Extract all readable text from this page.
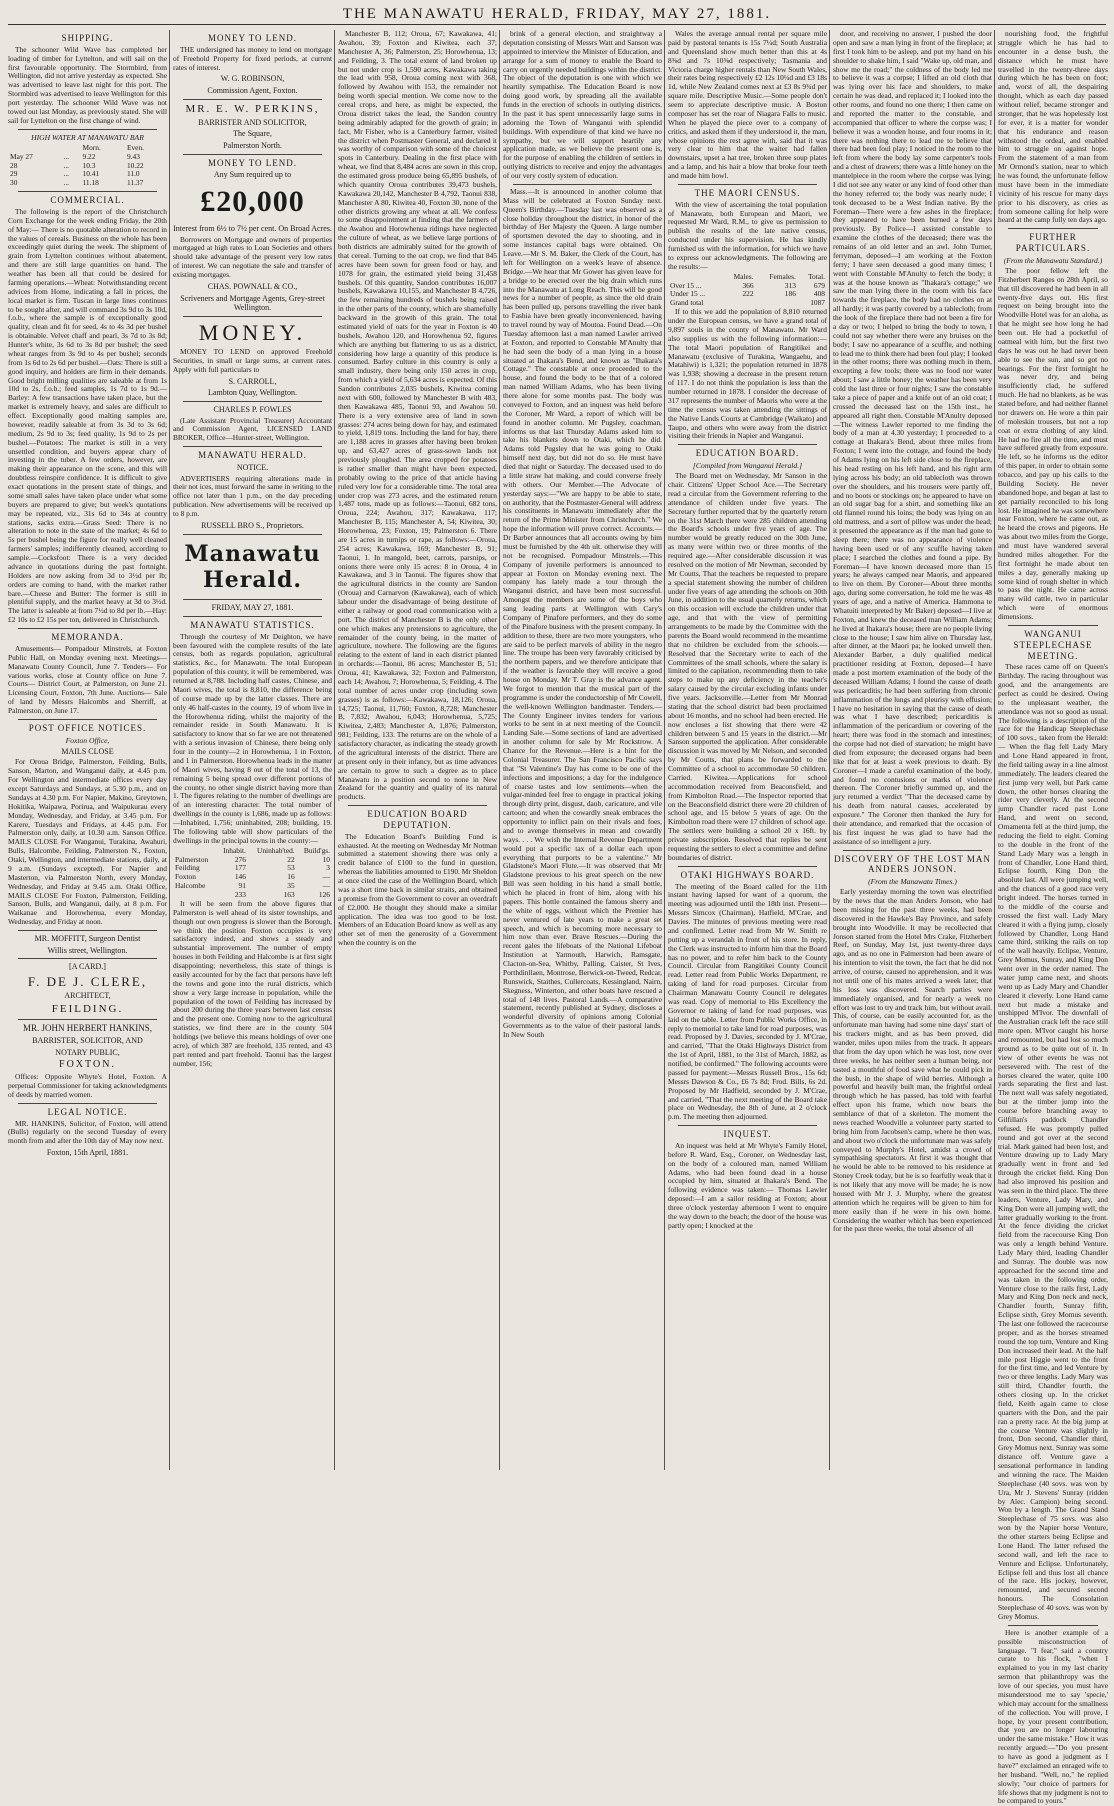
THE MANAWATU HERALD, FRIDAY, MAY 27, 1881.
SHIPPING.

The schooner Wild Wave has completed her loading of timber for Lyttelton, and will sail on the first favourable opportunity. The Stormbird, from Wellington, did not arrive yesterday as expected. She was advertised to leave last night for this port. The Stormbird was advertised to leave Wellington for this port yesterday. The schooner Wild Wave was not towed out last Monday, as previously stated. She will sail for Lyttelton on the first change of wind.

HIGH WATER AT MANAWATU BAR
		Morn.	Even.
May 27	...	9.22	9.43
28	...	10.3	10.22
29	...	10.41	11.0
30	...	11.18	11.37
COMMERCIAL.

The following is the report of the Christchurch Corn Exchange for the week ending Friday, the 20th of May:— There is no quotable alteration to record in the values of cereals. Business on the whole has been exceedingly quiet during the week. The shipment of grain from Lyttelton continues without abatement, and there are still large quantities on hand. The weather has been all that could be desired for farming operations.—Wheat: Notwithstanding recent advices from Home, indicating a fall in prices, the local market is firm. Tuscan in large lines continues to be sought after, and will command 3s 9d to 3s 10d, f.o.b., where the sample is of exceptionally good quality, clean and fit for seed, 4s to 4s 3d per bushel is obtainable. Velvet chaff and pearl, 3s 7d to 3s 8d; Hunter's white, 3s 6d to 3s 8d per bushel; the seed wheat ranges from 3s 9d to 4s per bushel; seconds from 1s 6d to 2s 6d per bushel.—Oats: There is still a good inquiry, and holders are firm in their demands. Good bright milling qualities are saleable at from 1s 10d to 2s, f.o.b.; feed samples, 1s 7d to 1s 9d.—Barley: A few transactions have taken place, but the market is extremely heavy, and sales are difficult to effect. Exceptionally good malting samples are, however, readily saleable at from 3s 3d to 3s 6d; medium, 2s 9d to 3s; feed quality, 1s 9d to 2s per bushel.—Potatoes: The market is still in a very unsettled condition, and buyers appear chary of investing in the tuber. A few orders, however, are making their appearance on the scene, and this will doubtless reinspire confidence. It is difficult to give exact quotations in the present state of things, and some small sales have taken place under what some buyers are prepared to give; but week's quotations may be repeated, viz., 31s 6d to 34s at country stations, sacks extra.—Grass Seed: There is no alteration to note in the state of the market; 4s 6d to 5s per bushel being the figure for really well cleaned farmers' samples; indifferently cleaned, according to sample.—Cocksfoot: There is a very decided advance in quotations during the past fortnight. Holders are now asking from 3d to 3½d per lb; orders are coming to hand, with the market rather bare.—Cheese and Butter: The former is still in plentiful supply, and the market heavy at 3d to 3½d. The latter is saleable at from 7½d to 8d per lb.—Hay: £2 10s to £2 15s per ton, delivered in Christchurch.

MEMORANDA.

Amusements— Pompadour Minstrels, at Foxton Public Hall, on Monday evening next. Meetings— Manawatu County Council, June 7. Tenders— For various works, close at County office on June 7. Courts— District Court, at Palmerston, on June 21. Licensing Court, Foxton, 7th June. Auctions— Sale of land by Messrs Halcombs and Sherriff, at Palmerston, on June 17.

POST OFFICE NOTICES.
Foxton Office,
MAILS CLOSE

For Oroua Bridge, Palmerston, Feilding, Bulls, Sanson, Marton, and Wanganui daily, at 4.45 p.m. For Wellington and intermediate offices every day except Saturdays and Sundays, at 5.30 p.m., and on Sundays at 4.30 p.m. For Napier, Makino, Greytown, Hokitika, Waipawa, Porirua, and Waipukurau every Monday, Wednesday, and Friday, at 3.45 p.m. For Karere, Tuesdays and Fridays, at 4.45 p.m. For Palmerston only, daily, at 10.30 a.m. Sanson Office. MAILS CLOSE For Wanganui, Turakina, Awahuri, Bulls, Halcombe, Feilding, Palmerston N., Foxton, Otaki, Wellington, and intermediate stations, daily, at 9 a.m. (Sundays excepted). For Napier and Masterton, via Palmerston North, every Monday, Wednesday, and Friday at 9.45 a.m. Otaki Office, MAILS CLOSE For Foxton, Palmerston, Feilding, Sanson, Bulls, and Wanganui, daily, at 8 p.m. For Waikanae and Horowhenua, every Monday, Wednesday, and Friday at noon.

MR. MOFFITT, Surgeon Dentist
Willis street, Wellington.
[A CARD.]
F. DE J. CLERE,
ARCHITECT,
FEILDING.
MR. JOHN HERBERT HANKINS,
BARRISTER, SOLICITOR, AND
NOTARY PUBLIC,
FOXTON.

Offices: Opposite Whyte's Hotel, Foxton. A perpetual Commissioner for taking acknowledgments of deeds by married women.

LEGAL NOTICE.

MR. HANKINS, Solicitor, of Foxton, will attend (Bulls) regularly on the second Tuesday of every month from and after the 10th day of May now next.

Foxton, 15th April, 1881.
MONEY TO LEND.

THE undersigned has money to lend on mortgage of Freehold Property for fixed periods, at current rates of interest.

W. G. ROBINSON,
Commission Agent, Foxton.
MR. E. W. PERKINS,
BARRISTER AND SOLICITOR,
The Square,
Palmerston North.
MONEY TO LEND.
Any Sum required up to
£20,000
Interest from 6½ to 7½ per cent. On Broad Acres.

Borrowers on Mortgage and owners of properties mortgaged at high rates to Loan Societies and others should take advantage of the present very low rates of interest. We can negotiate the sale and transfer of existing mortgages.

CHAS. POWNALL & CO.,
Scriveners and Mortgage Agents, Grey-street Wellington.
MONEY.

MONEY TO LEND on approved Freehold Securities, in small or large sums, at current rates. Apply with full particulars to

S. CARROLL,
Lambton Quay, Wellington.
CHARLES P. FOWLES

(Late Assistant Provincial Treasurer) Accountant and Commission Agent, LICENSED LAND BROKER, Office—Hunter-street, Wellington.

MANAWATU HERALD.
NOTICE.

ADVERTISERS requiring alterations made in their not ices, must forward the same in writing to the office not later than 1 p.m., on the day preceding publication. New advertisements will be received up to 8 p.m.

RUSSELL BRO S., Proprietors.
Manawatu Herald.
FRIDAY, MAY 27, 1881.
MANAWATU STATISTICS.

Through the courtesy of Mr Deighton, we have been favoured with the complete results of the late census, both as regards population, agricultural statistics, &c., for Manawatu. The total European population of this county, it will be remembered, was returned at 8,788. Including half castes, Chinese, and Maori wives, the total is 8,810, the difference being of course made up by the latter classes. There are only 46 half-castes in the county, 19 of whom live in the Horowhenua riding, whilst the majority of the remainder reside in South Manawatu. It is satisfactory to know that so far we are not threatened with a serious invasion of Chinese, there being only four in the county—2 in Horowhenua, 1 in Foxton, and 1 in Palmerston. Horowhenua leads in the matter of Maori wives, having 8 out of the total of 13, the remaining 5 being spread over different portions of the county, no other single district having more than 1. The figures relating to the number of dwellings are of an interesting character. The total number of dwellings in the county is 1,686, made up as follows:—Inhabited, 1,756; uninhabited, 208; building, 19. The following table will show particulars of the dwellings in the principal towns in the county:—

	Inhabit.	Uninhab'ted.	Build'gs.
Palmerston	276	22	10
Feilding	177	53	3
Foxton	146	16	—
Halcombe	91	35	—
	233	163	126

It will be seen from the above figures that Palmerston is well ahead of its sister townships, and though our own progress is slower than the Borough, we think the position Foxton occupies is very satisfactory indeed, and shows a steady and substantial improvement. The number of empty houses in both Feilding and Halcombe is at first sight disappointing; nevertheless, this state of things is easily accounted for by the fact that persons have left the towns and gone into the rural districts, which show a very large increase in population, while the population of the town of Feilding has increased by about 200 during the three years between last census and the present one. Coming now to the agricultural statistics, we find there are in the county 504 holdings (we believe this means holdings of over one acre), of which 387 are freehold, 135 rented, and 43 part rented and part freehold. Taonui has the largest number, 156;

Manchester B, 112; Oroua, 67; Kawakawa, 41; Awahou, 39; Foxton and Kiwitea, each 37; Manchester A, 36; Palmerston, 25; Horowhenua, 13; and Feilding, 3. The total extent of land broken up but not under crop is 1,590 acres, Kawakawa taking the lead with 958, Oroua coming next with 368, followed by Awahou with 153, the remainder not being worth special mention. We come now to the cereal crops, and here, as might be expected, the Oroua district takes the lead, the Sandon country being admirably adapted for the growth of grain; in fact, Mr Fisher, who is a Canterbury farmer, visited the district when Postmaster General, and declared it was worthy of comparison with some of the choicest spots in Canterbury. Dealing in the first place with wheat, we find that 8,484 acres are sown in this crop, the estimated gross produce being 65,895 bushels, of which quantity Oroua contributes 39,473 bushels, Kawakawa 20,142, Manchester B 4,792, Taonui 838, Manchester A 80, Kiwitea 40, Foxton 30, none of the other districts growing any wheat at all. We confess to some disappointment at finding that the farmers of the Awahou and Horowhenua ridings have neglected the culture of wheat, as we believe large portions of both districts are admirably suited for the growth of that cereal. Turning to the oat crop, we find that 845 acres have been sown for green food or hay, and 1078 for grain, the estimated yield being 31,458 bushels. Of this quantity, Sandon contributes 16,007 bushels, Kawakawa 10,155, and Manchester B 4,726, the few remaining hundreds of bushels being raised in the other parts of the county, which are shamefully backward in the growth of this grain. The total estimated yield of oats for the year in Foxton is 40 bushels, Awahou 120, and Horowhenua 92, figures which are anything but flattering to us as a district, considering how large a quantity of this produce is consumed. Barley culture in this country is only a small industry, there being only 150 acres in crop, from which a yield of 5,634 acres is expected. Of this Sandon contributes 2,035 bushels, Kiwitea coming next with 600, followed by Manchester B with 483, then Kawakawa 485, Taonui 93, and Awahou 50. There is a very extensive area of land in sown grasses: 274 acres being down for hay, and estimated to yield, 1,819 tons. Including the land for hay, there are 1,188 acres in grasses after having been broken up, and 63,427 acres of grass-sown lands not previously ploughed. The area cropped for potatoes is rather smaller than might have been expected, probably owing to the price of that article having ruled very low for a considerable time. The total area under crop was 273 acres, and the estimated return 1,487 tons, made up as follows:—Taonui, 682 tons, Oroua, 224; Awahou, 317; Kawakawa, 117; Manchester B, 115; Manchester A, 54; Kiwitea, 30; Horowhenua, 23; Foxton, 19; Palmerston 6. There are 15 acres in turnips or rape, as follows:—Oroua, 254 acres; Kawakawa, 169; Manchester B, 91; Taonui, 1. In mangold, beet, carrots, parsnips, or onions there were only 15 acres: 8 in Oroua, 4 in Kawakawa, and 3 in Taonui. The figures show that the agricultural districts in the county are Sandon (Oroua) and Carnarvon (Kawakawa), each of which labour under the disadvantage of being destitute of either a railway or good road communication with a port. The district of Manchester B is the only other one which makes any pretensions to agriculture, the remainder of the county being, in the matter of agriculture, nowhere. The following are the figures relating to the extent of land in each district planted in orchards:—Taonui, 86 acres; Manchester B, 51; Oroua, 41; Kawakawa, 32; Foxton and Palmerston, each 14; Awahou, 7; Horowhenua, 5; Feilding, 4. The total number of acres under crop (including sown grasses) is as follows:—Kawakawa, 18,126; Oroua, 14,725; Taonui, 11,760; Foxton, 8,728; Manchester B, 7,832; Awahou, 6,043; Horowhenua, 5,725; Kiwitea, 2,483; Manchester A, 1,876; Palmerston, 981; Feilding, 133. The returns are on the whole of a satisfactory character, as indicating the steady growth of the agricultural interests of the district. There are at present only in their infancy, but as time advances are certain to grow to such a degree as to place Manawatu in a position second to none in New Zealand for the quantity and quality of its natural products.

EDUCATION BOARD DEPUTATION.

The Education Board's Building Fund is exhausted. At the meeting on Wednesday Mr Notman submitted a statement showing there was only a credit balance of £100 to the fund in question, whereas the liabilities amounted to £190. Mr Sheldon at once cited the case of the Wellington Board, which was a short time back in similar straits, and obtained a promise from the Government to cover an overdraft of £2,000. He thought they should make a similar application. The idea was too good to be lost. Members of an Education Board know as well as any other set of men the generosity of a Government when the country is on the

brink of a general election, and straightway a deputation consisting of Messrs Watt and Sanson was appointed to interview the Minister of Education, and arrange for a sum of money to enable the Board to carry on urgently needed buildings within the district. The object of the deputation is one with which we heartily sympathise. The Education Board is now doing good work, by spreading all the available funds in the erection of schools in outlying districts. In the past it has spent unnecessarily large sums in adorning the Town of Wanganui with splendid buildings. With expenditure of that kind we have no sympathy, but we will support heartily any application made, as we believe the present one is, for the purpose of enabling the children of settlers in outlying districts to receive and enjoy the advantages of our very costly system of education.

Mass.—It is announced in another column that Mass will be celebrated at Foxton Sunday next. Queen's Birthday.—Tuesday last was observed as a close holiday throughout the district, in honor of the birthday of Her Majesty the Queen. A large number of sportsmen devoted the day to shooting, and in some instances capital bags were obtained. On Leave.—Mr S. M. Baker, the Clerk of the Court, has left for Wellington on a week's leave of absence. Bridge.—We hear that Mr Gower has given leave for a bridge to be erected over the big drain which runs into the Manawatu at Long Reach. This will be good news for a number of people, as since the old drain has been pulled up, persons travelling the river bank to Fashia have been greatly inconvenienced, having to travel round by way of Moutoa. Found Dead.—On Tuesday afternoon last a man named Lawler arrived at Foxton, and reported to Constable M'Anulty that he had seen the body of a man lying in a house situated at Ihakara's Bend, and known as "Ihakara's Cottage." The constable at once proceeded to the house, and found the body to be that of a colored man named William Adams, who has been living there alone for some months past. The body was conveyed to Foxton, and an inquest was held before the Coroner, Mr Ward, a report of which will be found in another column. Mr Pugsley, coachman, informs us that last Thursday Adams asked him to take his blankets down to Otaki, which he did. Adams told Pugsley that he was going to Otaki himself next day, but did not do so. He must have died that night or Saturday. The deceased used to do a little straw hat making, and could converse freely with others. Our Member.—The Advocate of yesterday says:—"We are happy to be able to state, on authority, that the Postmaster-General will address his constituents in Manawatu immediately after the return of the Prime Minister from Christchurch." We hope the information will prove correct. Accounts.—Dr Barber announces that all accounts owing by him must be furnished by the 4th ult. otherwise they will not be recognised. Pompadour Minstrels.—This Company of juvenile performers is announced to appear at Foxton on Monday evening next. The company has lately made a tour through the Wanganui district, and have been most successful. Amongst the members are some of the boys who sang leading parts at Wellington with Cary's Company of Pinafore performers, and they do some of the Pinafore business with the present company. In addition to these, there are two more youngsters, who are said to be perfect marvels of ability in the negro line. The troupe has been very favorably criticised by the northern papers, and we therefore anticipate that if the weather is favorable they will receive a good house on Monday. Mr T. Gray is the advance agent. We forgot to mention that the musical part of the programme is under the conductorship of Mr Cowell, the well-known Wellington bandmaster. Tenders.—The County Engineer invites tenders for various works to be sent in at next meeting of the Council. Landing Sale.—Some sections of land are advertised in another column for sale by Mr Rockstrow. A Chance for the Revenue.—Here is a hint for the Colonial Treasurer. The San Francisco Pacific says that "St Valentine's Day has come to be one of the infections and impositions; a day for the indulgence of coarse tastes and low sentiments—when the vulgar-minded feel free to engage in practical joking through dirty print, disgust, daub, caricature, and vile cartoon; and when the cowardly sneak embraces the opportunity to inflict pain on their rivals and foes, and to avenge themselves in mean and cowardly ways. . . . We wish the Internal Revenue Department would put a specific tax of a dollar each upon everything that purports to be a valentine." Mr Gladstone's Maori Flute.—It was observed that Mr Gladstone previous to his great speech on the new Bill was seen holding in his hand a small bottle, which he placed in front of him, along with his papers. This bottle contained the famous sherry and the white of eggs, without which the Premier has never ventured of late years to make a great set speech, and which is becoming more necessary to him now than ever. Brave Rescues.—During the recent gales the lifeboats of the National Lifeboat Institution at Yarmouth, Harwich, Ramsgate, Clacton-on-Sea, Whitby, Palling, Caister, St Ives, Porthdinllaen, Montrose, Berwick-on-Tweed, Redcar, Runswick, Staithes, Cullercoats, Kessingland, Nairn, Skegness, Winterton, and other boats have rescued a total of 148 lives. Pastoral Lands.—A comparative statement, recently published at Sydney, discloses a wonderful diversity of opinions among Colonial Governments as to the value of their pastoral lands. In New South

Wales the average annual rental per square mile paid by pastoral tenants is 15s 7¼d; South Australia and Queensland show much better than this at 4s 8⅜d and 7s 10⅝d respectively; Tasmania and Victoria charge higher rentals than New South Wales, their rates being respectively £2 12s 10¼d and £3 18s 1d, while New Zealand comes next at £3 8s 9¾d per square mile. Descriptive Music.—Some people don't seem to appreciate descriptive music. A Boston composer has set the roar of Niagara Falls to music. When he played the piece over to a company of critics, and asked them if they understood it, the man, whose opinions the rest agree with, said that it was very clear to him that the waiter had fallen downstairs, upset a hat tree, broken three soup plates and a lamp, and his hair a blow that broke four teeth and made him howl.

THE MAORI CENSUS.

With the view of ascertaining the total population of Manawatu, both European and Maori, we requested Mr Ward, R.M., to give us permission to publish the results of the late native census, conducted under his supervision. He has kindly furnished us with the information, for which we have to express our acknowledgments. The following are the results:—

	Males.	Females.	Total.
Over 15 ...	366	313	679
Under 15 ...	222	186	408
Grand total			1087

If to this we add the population of 8,810 returned under the European census, we have a grand total of 9,897 souls in the county of Manawatu. Mr Ward also supplies us with the following information:— The total Maori population of Rangitikei and Manawatu (exclusive of Turakina, Wangaehu, and Matahiwi) is 1,321; the population returned in 1878 was 1,938; showing a decrease in the present return of 117. I do not think the population is less than the number returned in 1878. I consider the decrease of 317 represents the number of Maoris who were at the time the census was taken attending the sittings of the Native Lands Courts at Cambridge (Waikato) and Taupo, and others who were away from the district visiting their friends in Napier and Wanganui.

EDUCATION BOARD.
[Compiled from Wanganui Herald.]

The Board met on Wednesday, Mr Sanson in the chair. Citizens' Upper School Ace.—The Secretary read a circular from the Government referring to the attendance of children under five years. The Secretary further reported that by the quarterly return on the 31st March there were 285 children attending the Board's schools under five years of age. The number would be greatly reduced on the 30th June, as many were within two or three months of the required age.—After considerable discussion it was resolved on the motion of Mr Newman, seconded by Mr Coutts, That the teachers be requested to prepare a special statement showing the number of children under five years of age attending the schools on 30th June, in addition to the usual quarterly returns, which on this occasion will exclude the children under that age, and that with the view of permitting arrangements to be made by the Committee with the parents the Board would recommend in the meantime that no children be excluded from the schools.—Resolved that the Secretary write to each of the Committees of the small schools, where the salary is limited to the capitation, recommending them to take steps to make up any deficiency in the teacher's salary caused by the circular excluding infants under five years. Jacksonville.—Letter from Mr Monrad stating that the school district had been proclaimed about 16 months, and no school had been erected. He now encloses a list showing that there were 42 children between 5 and 15 years in the district.—Mr Sanson supported the application. After considerable discussion it was moved by Mr Nelson, and seconded by Mr Coutts, that plans be forwarded to the Committee of a school to accommodate 50 children. Carried. Kiwitea.—Applications for school accommodation received from Beaconsfield, and from Kimbolton Road.—The Inspector reported that on the Beaconsfield district there were 20 children of school age, and 15 below 5 years of age. On the Kimbolton road there were 17 children of school age. The settlers were building a school 20 x 16ft. by private subscription. Resolved that replies be sent requesting the settlers to elect a committee and define boundaries of district.

OTAKI HIGHWAYS BOARD.

The meeting of the Board called for the 11th instant having lapsed for want of a quorum, the meeting was adjourned until the 18th inst. Present—Messrs Simcox (Chairman), Hatfield, M'Crae, and Davies. The minutes of previous meeting were read and confirmed. Letter read from Mr W. Smith re putting up a verandah in front of his store. In reply, the Clerk was instructed to inform him that the Board has no power, and to refer him back to the County Council. Circular from Rangitikei County Council read. Letter read from Public Works Department, re taking of land for road purposes. Circular from Chairman Manawatu County Council re delegates was read. Copy of memorial to His Excellency the Governor re taking of land for road purposes, was laid on the table. Letter from Public Works Office, in reply to memorial to take land for road purposes, was read. Proposed by J. Davies, seconded by J. M'Crae, and carried, "That the Otaki Highways District from the 1st of April, 1881, to the 31st of March, 1882, as notified, be confirmed." The following accounts were passed for payment:—Messrs Russell Bros., 15s 6d; Messrs Dawson & Co., £6 7s 8d; Frod. Bills, 6s 2d. Proposed by Mr Hadfield, seconded by J. M'Crae, and carried, "That the next meeting of the Board take place on Wednesday, the 8th of June, at 2 o'clock p.m. The meeting then adjourned.

INQUEST.

An inquest was held at Mr Whyte's Family Hotel, before R. Ward, Esq., Coroner, on Wednesday last, on the body of a coloured man, named William Adams, who had been found dead in a house occupied by him, situated at Ihakara's Bend. The following evidence was taken:— Thomas Lawler deposed:—I am a sailor residing at Foxton; about three o'clock yesterday afternoon I went to enquire the way down to the beach; the door of the house was partly open; I knocked at the

door, and receiving no answer, I pushed the door open and saw a man lying in front of the fireplace; at first I took him to be asleep, and put my hand on his shoulder to shake him, I said "Wake up, old man, and show me the road;" the coldness of the body led me to believe it was a corpse; I lifted an old cloth that was lying over his face and shoulders, to make certain he was dead, and replaced it; I looked into the other rooms, and found no one there; I then came on and reported the matter to the constable, and accompanied that officer to where the corpse was; I believe it was a wooden house, and four rooms in it; there was nothing there to lead me to believe that there had been foul play; I noticed in the room to the left from where the body lay some carpenter's tools and a chest of drawers; there was a little honey on the mantelpiece in the room where the corpse was lying; I did not see any water or any kind of food other than the honey referred to; the body was nearly nude; I took deceased to be a West Indian native. By the Foreman—There were a few ashes in the fireplace; they appeared to have been burned a few days previously. By Police—I assisted constable to examine the clothes of the deceased; there was the remains of an old letter and an awl. John Turner, ferryman, deposed—I am working at the Foxton ferry; I have seen deceased a good many times; I went with Constable M'Anulty to fetch the body; it was at the house known as "Ihakara's cottage;" we saw the man lying there in the room with his face towards the fireplace, the body had no clothes on at all hardly; it was partly covered by a tablecloth; from the look of the fireplace there had not been a fire for a day or two; I helped to bring the body to town, I could not say whether there were any bruises on the body; I saw no appearance of a scuffle, and nothing to lead me to think there had been foul play; I looked in the other rooms; there was nothing much in them, excepting a few tools; there was no food nor water about; I saw a little honey; the weather has been very cold the last three or four nights; I saw the constable take a piece of paper and a knife out of an old coat; I crossed the deceased last on the 15th inst., he appeared all right then. Constable M'Anulty deposed—The witness Lawler reported to me finding the body of a man at 4.30 yesterday; I proceeded to a cottage at Ihakara's Bend, about three miles from Foxton; I went into the cottage, and found the body of Adams lying on his left side close to the fireplace, his head resting on his left hand, and his right arm lying across his body; an old tablecloth was thrown over the shoulders, and his trousers were partly off, and no boots or stockings on; he appeared to have on an old sugar bag for a shirt, and something like an old flannel round his loins; the body was lying on an old mattress, and a sort of pillow was under the head; it presented the appearance as if the man had gone to sleep there; there was no appearance of violence having been used or of any scuffle having taken place; I searched the clothes and found a pipe. By Foreman—I have known deceased more than 15 years; he always camped near Maoris, and appeared to live on them. By Coroner—About three months ago, during some conversation, he told me he was 48 years of age, and a native of America. Hammona te Whatuiti interpreted by Mr Baker) deposed—I live at Foxton, and knew the deceased man William Adams; he lived at Ihakara's house; there are no people living close to the house; I saw him alive on Thursday last, after dinner, at the Maori pa; he looked unwell then. Alexander Barber, a duly qualified medical practitioner residing at Foxton, deposed—I have made a post mortem examination of the body of the deceased William Adams; I found the cause of death was pericarditis; he had been suffering from chronic inflammation of the lungs and pleurisy with effusion; I have no hesitation in saying that the cause of death was what I have described; pericarditis is inflammation of the pericardium or covering of the heart; there was food in the stomach and intestines; the corpse had not died of starvation; he might have died from exposure; the deceased organs had been like that for at least a week previous to death. By Coroner—I made a careful examination of the body, and found no contusions or marks of violence thereon. The Coroner briefly summed up, and the jury returned a verdict "That the deceased came by his death from natural causes, accelerated by exposure." The Coroner then thanked the Jury for their attendance, and remarked that the occasion of his first inquest he was glad to have had the assistance of so intelligent a jury.

DISCOVERY OF THE LOST MAN ANDERS JONSON.
(From the Manawatu Times.)

Early yesterday morning the town was electrified by the news that the man Anders Jonson, who had been missing for the past three weeks, had been discovered in the Hawke's Bay Province, and safely brought into Woodville. It may be recollected that Jonson started from the Hotel Mrs Crake, Fitzherbert Reef, on Sunday, May 1st, just twenty-three days ago, and as no one in Palmerston had been aware of his intention to visit the town, the fact that he did not arrive, of course, caused no apprehension, and it was not until one of his mates arrived a week later, that his loss was discovered. Search parties were immediately organised, and for nearly a week no effort was lost to try and track him, but without avail. This, of course, can be easily accounted for, as the unfortunate man having had some nine days' start of his trackers might, and as has been proved, did wander, miles upon miles from the track. It appears that from the day upon which he was lost, now over three weeks, he has neither seen a human being, nor tasted a mouthful of food save what he could pick in the bush, in the shape of wild berries. Although a powerful and heavily built man, the frightful ordeal through which he has passed, has told with fearful effect upon his frame, which now bears the semblance of that of a skeleton. The moment the news reached Woodville a volunteer party started to bring him from Jacobsen's camp, where he then was, and about two o'clock the unfortunate man was safely conveyed to Murphy's Hotel, amidst a crowd of sympathising spectators. At first it was thought that he would be able to be removed to his residence at Stoney Creek today, but he is so fearfully weak that it is not likely that any move will be made; he is now housed with Mr J. J. Murphy, where the greatest attention which he requires will be given to him for more easily than if he were in his own home. Considering the weather which has been experienced for the past three weeks, the total absence of all

nourishing food, the frightful struggle which he has had to encounter in a dense bush, the distance which he must have travelled in the twenty-three days during which he has been on foot; and, worst of all, the despairing thought, which as each day passed without relief, became stronger and stronger, that he was hopelessly lost for ever, it is a matter for wonder that his endurance and reason withstood the ordeal, and enabled him to struggle on against hope. From the statement of a man from Mr Ormond's station, near to which he was found, the unfortunate fellow must have been in the immediate vicinity of his rescue for many days prior to his discovery, as cries as from someone calling for help were heard at the camp fully ten days ago.

FURTHER PARTICULARS.
(From the Manawatu Standard.)

The poor fellow left the Fitzherbert Ranges on 28th April, so that till discovered he had been in all twenty-five days out. His first request on being brought into the Woodville Hotel was for an aloha, as that he might see how long he had been out. He had a pocketful of oatmeal with him, but the first two days he was out he had never been able to see the sun, and so got no bearings. For the first fortnight he was never dry, and being insufficiently clad, he suffered much. He had no blankets, as he was stated before, and had neither flannel nor drawers on. He wore a thin pair of moleskin trousers, but not a top coat or extra clothing of any kind. He had no fire all the time, and must have suffered greatly from exposure. He left, so he informs us the editor of this paper, in order to obtain some tobacco, and pay up his calls to the Building Society. He never abandoned hope, and began at last to get partially reconciled to his long lost. He imagined he was somewhere near Foxton, where he came out, as he heard the crows and pigeons. He was about two miles from the Gorge, and must have wandered several hundred miles altogether. For the first fortnight he made about ten miles a day, generally making up some kind of rough shelter in which to pass the night. He came across many wild cattle, two in particular which were of enormous dimensions.

WANGANUI STEEPLECHASE MEETING.

These races came off on Queen's Birthday. The racing throughout was good, and the arrangements are perfect as could be desired. Owing to the unpleasant weather, the attendance was not so good as usual. The following is a description of the race for the Handicap Steeplechase of 100 sovs., taken from the Herald:— When the flag fell Lady Mary and Lone Hand appeared in front, the field tailing away in a line almost immediately. The leaders cleared the first jump very well, but Park came down, the other horses clearing the rider very cleverly. At the second jump Chandler raced past Lone Hand, and went on second, Ornamenta fell at the third jump, the reducing the field to eight. Coming to the double in the front of the Stand Lady Mary was a length in front of Chandler, Lone Hand third, Eclipse fourth, King Don the absolute last. All were jumping well, and the chances of a good race very bright indeed. The horses turned in to the middle of the course and crossed the first wall. Lady Mary cleared it with a flying jump, closely followed by Chandler, Long Hand came third, striking the rails on top of the wall heavily. Eclipse, Venture, Grey Momus, Sunray, and King Don went over in the order named. The water jump came next, and shoots went up as Lady Mary and Chandler cleared it cleverly. Lone Hand came next but made a mistake and unshipped M'Ivor. The downfall of the Australian crack left the race still more open. M'Ivor caught his horse and remounted, but had lost so much ground as to be quite out of it. In view of other events he was not persevered with. The rest of the horses cleared the water, quite 100 yards separating the first and last. The next wall was safely negotiated, but at the timber jump into the course before branching away to Gilfillan's paddock Chandler refused. He was promptly pulled round and got over at the second trial. Mark gained had been lost, and Venture drawing up to Lady Mary gradually went in front and led through the cricket field. King Don had also improved his position and was seen in the third place. The three leaders, Venture, Lady Mary, and King Don were all jumping well, the latter gradually working to the front. At the fence dividing the cricket field from the racecourse King Don was only a length behind Venture. Lady Mary third, leading Chandler and Sunray. The double was now approached for the second time and was taken in the following order, Venture close to the rails first, Lady Mary and King Don neck and neck, Chandler fourth, Sunray fifth, Eclipse sixth, Grey Momus seventh. The last one followed the racecourse proper, and as the horses streamed round the top turn, Venture and King Don increased their lead. At the half mile post Higgie went to the front for the first time, and led Venture by two or three lengths. Lady Mary was still third, Chandler fourth, the others closing up. In the cricket field, Keith again came to close quarters with the Don, and the pair ran a pretty race. At the big jump at the course Venture was slightly in front, Don second, Chandler third, Grey Momus next. Sunray was some distance off. Venture gave a sensational performance in landing and winning the race. The Maiden Steeplechase (40 sovs. was won by Ura, Mr J. Stevens' Sunray (ridden by Alec. Campion) being second. Won by a length. The Grand Stand Steeplechase of 75 sovs. was also won by the Napier horse Venture, the other starters being Eclipse and Lone Hand. The latter refused the second wall, and left the race to Venture and Eclipse. Unfortunately, Eclipse fell and thus lost all chance of the race. His jockey, however, remounted, and secured second honours. The Consolation Steeplechase of 40 sovs. was won by Grey Momus.

Here is another example of a possible misconstruction of language. "I fear," said a country curate to his flock, "when I explained to you in my last charity sermon that philanthropy was the love of our species, you must have misunderstood me to say 'specie,' which may account for the smallness of the collection. You will prove, I hope, by your present contribution, that you are no longer labouring under the same mistake." How it was recently argued:—"Do you present to have as good a judgment as I have?" exclaimed an enraged wife to her husband. "Well, no," he replied slowly; "our choice of partners for life shows that my judgment is not to be compared to yours."
